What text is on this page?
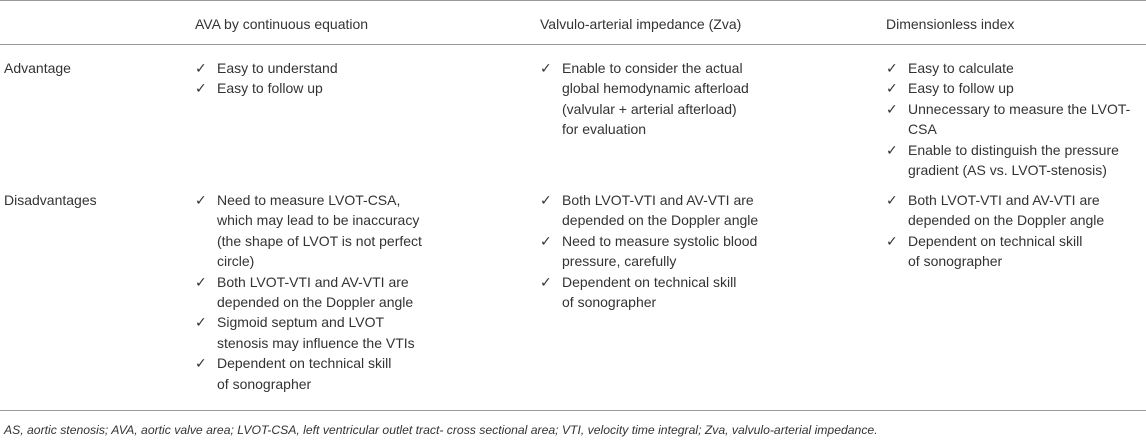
AVA by continuous equation	Valvulo-arterial impedance (Zva)	Dimensionless index
Advantage
Disadvantages
✓ Easy to understand
✓ Easy to follow up
✓ Enable to consider the actual
global hemodynamic afterload
(valvular + arterial afterload)
for evaluation
✓ Easy to calculate
✓ Easy to follow up
✓ Unnecessary to measure the LVOT-
CSA
✓ Enable to distinguish the pressure
gradient (AS vs. LVOT-stenosis)
✓ Need to measure LVOT-CSA,
which may lead to be inaccuracy
(the shape of LVOT is not perfect
circle)
✓ Both LVOT-VTI and AV-VTI are
depended on the Doppler angle
✓ Sigmoid septum and LVOT
stenosis may influence the VTIs
✓ Dependent on technical skill
of sonographer
✓ Both LVOT-VTI and AV-VTI are
depended on the Doppler angle
✓ Need to measure systolic blood
pressure, carefully
✓ Dependent on technical skill
of sonographer
✓ Both LVOT-VTI and AV-VTI are
depended on the Doppler angle
✓ Dependent on technical skill
of sonographer
AS, aortic stenosis; AVA, aortic valve area; LVOT-CSA, left ventricular outlet tract- cross sectional area; VTI, velocity time integral; Zva, valvulo-arterial impedance.
